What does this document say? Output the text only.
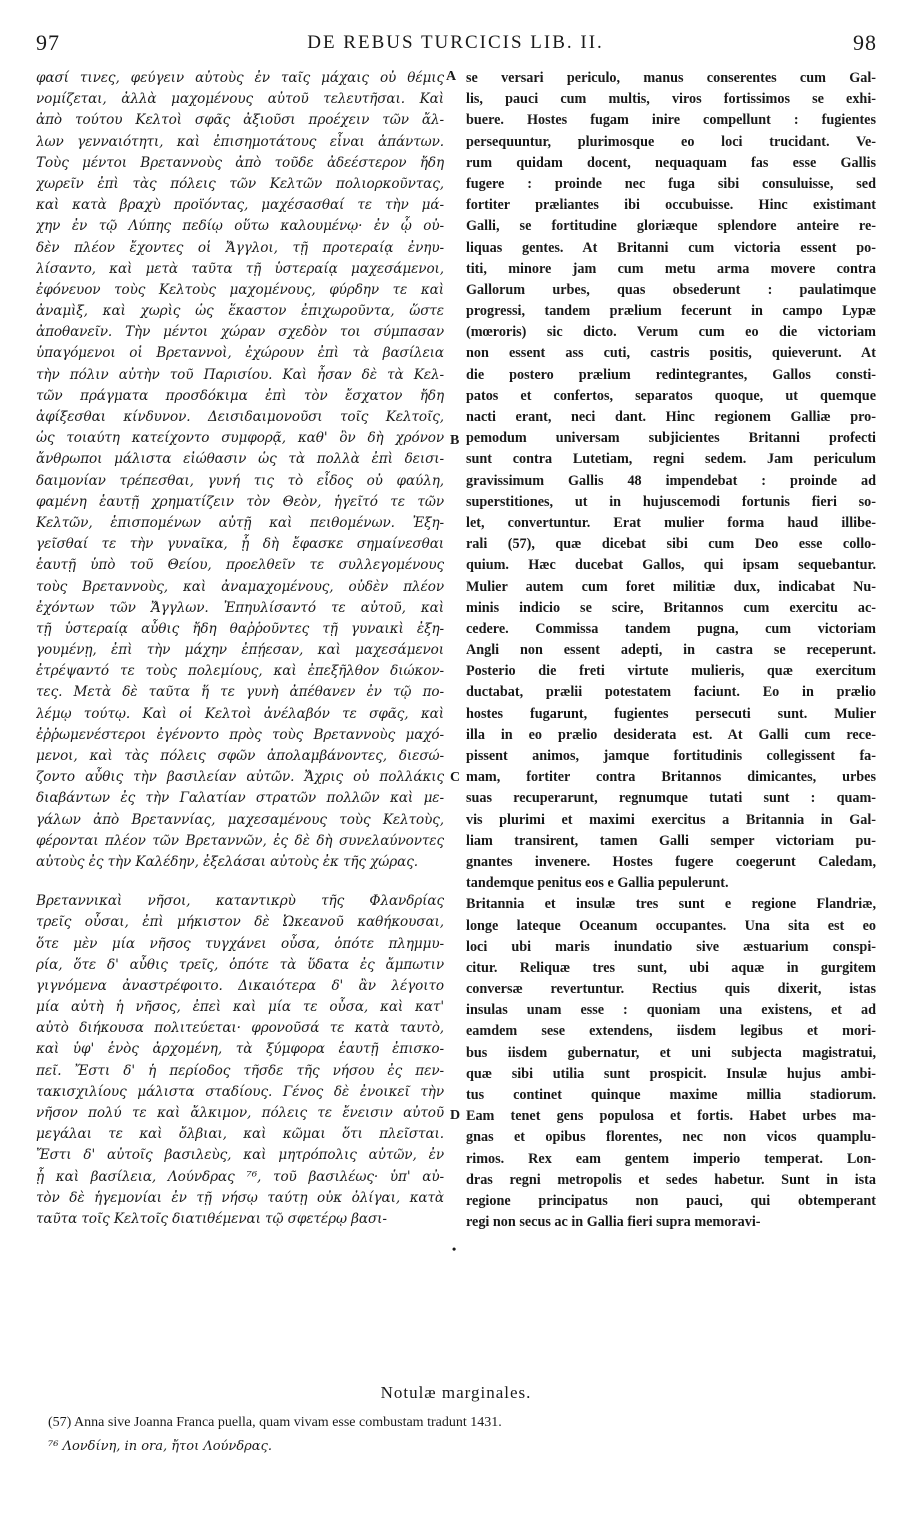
97	DE REBUS TURCICIS LIB. II.	98
φασί τινες, φεύγειν αὐτοὺς ἐν ταῖς μάχαις οὐ θέμις
νομίζεται, ἀλλὰ μαχομένους αὐτοῦ τελευτῆσαι. Καὶ
ἀπὸ τούτου Κελτοὶ σφᾶς ἀξιοῦσι προέχειν τῶν ἄλ-
λων γενναιότητι, καὶ ἐπισημοτάτους εἶναι ἁπάντων.
Τοὺς μέντοι Βρεταννοὺς ἀπὸ τοῦδε ἀδεέστερον ἤδη
χωρεῖν ἐπὶ τὰς πόλεις τῶν Κελτῶν πολιορκοῦντας,
καὶ κατὰ βραχὺ προϊόντας, μαχέσασθαί τε τὴν μά-
χην ἐν τῷ Λύπης πεδίῳ οὕτω καλουμένῳ· ἐν ᾧ οὐ-
δὲν πλέον ἔχοντες οἱ Ἄγγλοι, τῇ προτεραίᾳ ἐνηυ-
λίσαντο, καὶ μετὰ ταῦτα τῇ ὑστεραίᾳ μαχεσάμενοι,
ἐφόνευον τοὺς Κελτοὺς μαχομένους, φύρδην τε καὶ
ἀναμὶξ, καὶ χωρὶς ὡς ἕκαστον ἐπιχωροῦντα, ὥστε
ἀποθανεῖν. Τὴν μέντοι χώραν σχεδὸν τοι σύμπασαν
ὑπαγόμενοι οἱ Βρεταννοὶ, ἐχώρουν ἐπὶ τὰ βασίλεια
τὴν πόλιν αὐτὴν τοῦ Παρισίου. Καὶ ἦσαν δὲ τὰ Κελ-
τῶν πράγματα προσδόκιμα ἐπὶ τὸν ἔσχατον ἤδη
ἀφίξεσθαι κίνδυνον. Δεισιδαιμονοῦσι τοῖς Κελτοῖς,
ὡς τοιαύτη κατείχοντο συμφορᾷ, καθ' ὃν δὴ χρόνον
ἄνθρωποι μάλιστα εἰώθασιν ὡς τὰ πολλὰ ἐπὶ δεισι-
δαιμονίαν τρέπεσθαι, γυνή τις τὸ εἶδος οὐ φαύλη,
φαμένη ἑαυτῇ χρηματίζειν τὸν Θεὸν, ἡγεῖτό τε τῶν
Κελτῶν, ἑπισπομένων αὐτῇ καὶ πειθομένων. Ἐξη-
γεῖσθαί τε τὴν γυναῖκα, ᾗ δὴ ἔφασκε σημαίνεσθαι
ἑαυτῇ ὑπὸ τοῦ Θείου, προελθεῖν τε συλλεγομένους
τοὺς Βρεταννοὺς, καὶ ἀναμαχομένους, οὐδὲν πλέον
ἐχόντων τῶν Ἄγγλων. Ἐπηυλίσαντό τε αὐτοῦ, καὶ
τῇ ὑστεραίᾳ αὖθις ἤδη θαῤῥοῦντες τῇ γυναικὶ ἐξη-
γουμένῃ, ἐπὶ τὴν μάχην ἐπῄεσαν, καὶ μαχεσάμενοι
ἐτρέψαντό τε τοὺς πολεμίους, καὶ ἐπεξῆλθον διώκον-
τες. Μετὰ δὲ ταῦτα ἥ τε γυνὴ ἀπέθανεν ἐν τῷ πο-
λέμῳ τούτῳ. Καὶ οἱ Κελτοὶ ἀνέλαβόν τε σφᾶς, καὶ
ἐῤῥωμενέστεροι ἐγένοντο πρὸς τοὺς Βρεταννοὺς μαχό-
μενοι, καὶ τὰς πόλεις σφῶν ἀπολαμβάνοντες, διεσώ-
ζοντο αὖθις τὴν βασιλείαν αὐτῶν. Ἄχρις οὐ πολλάκις
διαβάντων ἐς τὴν Γαλατίαν στρατῶν πολλῶν καὶ με-
γάλων ἀπὸ Βρεταννίας, μαχεσαμένους τοὺς Κελτοὺς,
φέρονται πλέον τῶν Βρεταννῶν, ἐς δὲ δὴ συνελαύνοντες
αὐτοὺς ἐς τὴν Καλέδην, ἐξελάσαι αὐτοὺς ἐκ τῆς χώρας.
Βρεταννικαὶ νῆσοι, καταντικρὺ τῆς Φλανδρίας
τρεῖς οὖσαι, ἐπὶ μήκιστον δὲ Ὠκεανοῦ καθήκουσαι,
ὅτε μὲν μία νῆσος τυγχάνει οὖσα, ὁπότε πλημμυ-
ρία, ὅτε δ' αὖθις τρεῖς, ὁπότε τὰ ὕδατα ἐς ἄμπωτιν
γιγνόμενα ἀναστρέφοιτο. Δικαιότερα δ' ἂν λέγοιτο
μία αὐτὴ ἡ νῆσος, ἐπεὶ καὶ μία τε οὖσα, καὶ κατ'
αὐτὸ διήκουσα πολιτεύεται· φρονοῦσά τε κατὰ ταυτὸ,
καὶ ὑφ' ἑνὸς ἀρχομένη, τὰ ξύμφορα ἑαυτῇ ἐπισκο-
πεῖ. Ἔστι δ' ἡ περίοδος τῆσδε τῆς νήσου ἐς πεν-
τακισχιλίους μάλιστα σταδίους. Γένος δὲ ἐνοικεῖ τὴν
νῆσον πολύ τε καὶ ἄλκιμον, πόλεις τε ἔνεισιν αὐτοῦ
μεγάλαι τε καὶ ὄλβιαι, καὶ κῶμαι ὅτι πλεῖσται.
Ἔστι δ' αὐτοῖς βασιλεὺς, καὶ μητρόπολις αὐτῶν, ἐν
ᾗ καὶ βασίλεια, Λούνδρας ⁷⁶, τοῦ βασιλέως· ὑπ' αὐ-
τὸν δὲ ἡγεμονίαι ἐν τῇ νήσῳ ταύτῃ οὐκ ὀλίγαι, κατὰ
ταῦτα τοῖς Κελτοῖς διατιθέμεναι τῷ σφετέρῳ βασι-
se versari periculo, manus conserentes cum Gal-
lis, pauci cum multis, viros fortissimos se exhi-
buere. Hostes fugam inire compellunt : fugientes
persequuntur, plurimosque eo loci trucidant. Ve-
rum quidam docent, nequaquam fas esse Gallis
fugere : proinde nec fuga sibi consuluisse, sed
fortiter præliantes ibi occubuisse. Hinc existimant
Galli, se fortitudine gloriæque splendore anteire re-
liquas gentes. At Britanni cum victoria essent po-
titi, minore jam cum metu arma movere contra
Gallorum urbes, quas obsederunt : paulatimque
progressi, tandem prælium fecerunt in campo Lypæ
(mœroris) sic dicto. Verum cum eo die victoriam
non essent ass cuti, castris positis, quieverunt. At
die postero prælium redintegrantes, Gallos consti-
patos et confertos, separatos quoque, ut quemque
nacti erant, neci dant. Hinc regionem Galliæ pro-
pemodum universam subjicientes Britanni profecti
sunt contra Lutetiam, regni sedem. Jam periculum
gravissimum Gallis 48 impendebat : proinde ad
superstitiones, ut in hujuscemodi fortunis fieri so-
let, convertuntur. Erat mulier forma haud illibe-
rali (57), quæ dicebat sibi cum Deo esse collo-
quium. Hæc ducebat Gallos, qui ipsam sequebantur.
Mulier autem cum foret militiæ dux, indicabat Nu-
minis indicio se scire, Britannos cum exercitu ac-
cedere. Commissa tandem pugna, cum victoriam
Angli non essent adepti, in castra se receperunt.
Posterio die freti virtute mulieris, quæ exercitum
ductabat, prælii potestatem faciunt. Eo in prælio
hostes fugarunt, fugientes persecuti sunt. Mulier
illa in eo prælio desiderata est. At Galli cum rece-
pissent animos, jamque fortitudinis collegissent fa-
mam, fortiter contra Britannos dimicantes, urbes
suas recuperarunt, regnumque tutati sunt : quam-
vis plurimi et maximi exercitus a Britannia in Gal-
liam transirent, tamen Galli semper victoriam pu-
gnantes invenere. Hostes fugere coegerunt Caledam,
tandemque penitus eos e Gallia pepulerunt.
Britannia et insulæ tres sunt e regione Flandriæ,
longe lateque Oceanum occupantes. Una sita est eo
loci ubi maris inundatio sive æstuarium conspi-
citur. Reliquæ tres sunt, ubi aquæ in gurgitem
conversæ revertuntur. Rectius quis dixerit, istas
insulas unam esse : quoniam una existens, et ad
eamdem sese extendens, iisdem legibus et mori-
bus iisdem gubernatur, et uni subjecta magistratui,
quæ sibi utilia sunt prospicit. Insulæ hujus ambi-
tus continet quinque maxime millia stadiorum.
Eam tenet gens populosa et fortis. Habet urbes ma-
gnas et opibus florentes, nec non vicos quamplu-
rimos. Rex eam gentem imperio temperat. Lon-
dras regni metropolis et sedes habetur. Sunt in ista
regione principatus non pauci, qui obtemperant
regi non secus ac in Gallia fieri supra memoravi-
A
B
C
D
•
Notulæ marginales.
(57) Anna sive Joanna Franca puella, quam vivam esse combustam tradunt 1431.
⁷⁶ Λονδίνη, in ora, ἤτοι Λούνδρας.
